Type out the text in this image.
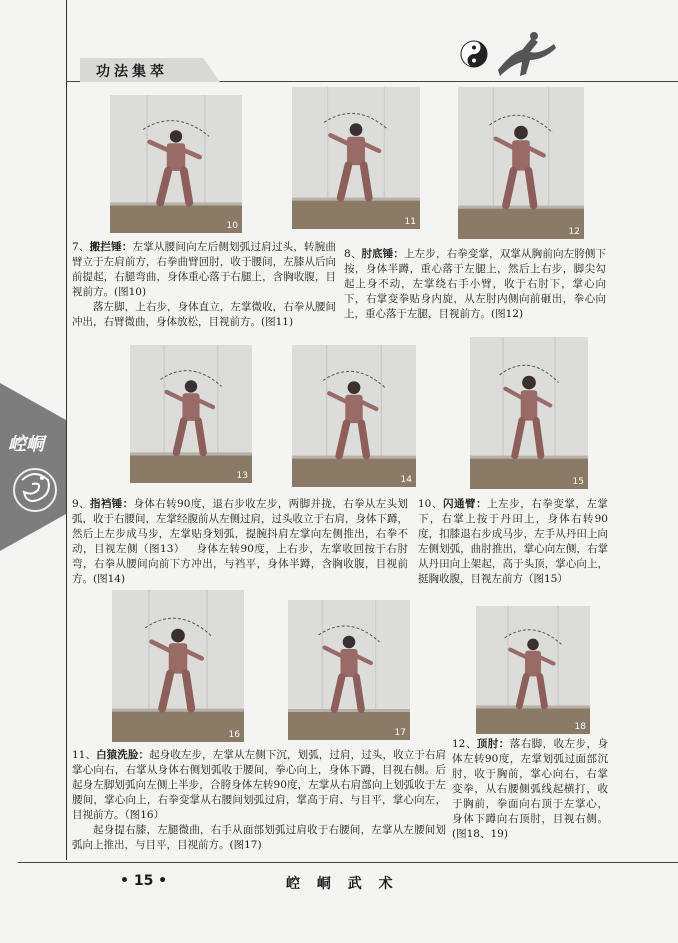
功法集萃
崆峒
10	11
12
13	14	15
16	17
18

7、搬拦锤：左掌从腰间向左后侧划弧过肩过头，转腕曲臂立于左肩前方，右拳曲臂回肘，收于腰间，左膝从后向前提起，右腿弯曲，身体重心落于右腿上，含胸收腹，目视前方。(图10)

落左脚，上右步，身体直立，左掌微收，右拳从腰间冲出，右臂微曲，身体放松，目视前方。(图11)

8、肘底锤：上左步，右拳变掌，双掌从胸前向左胯侧下按，身体半蹲，重心落于左腿上，然后上右步，脚尖勾起上身不动，左掌绕右手小臂，收于右肘下，掌心向下，右掌变拳贴身内旋，从左肘内侧向前砸出，拳心向上，重心落于左腿，目视前方。(图12)

9、指裆锤：身体右转90度，退右步收左步，两脚并拢，右拳从左头划弧，收于右腰间，左掌经腹前从左侧过肩，过头收立于右肩，身体下蹲，然后上左步成马步，左掌贴身划弧，提腕抖肩左掌向左侧推出，右拳不动，目视左侧（图13） 身体左转90度，上右步，左掌收回按于右肘弯，右拳从腰间向前下方冲出，与裆平，身体半蹲，含胸收腹，目视前方。(图14)

10、闪通臂：上左步，右拳变掌，左掌下，右掌上按于丹田上，身体右转90度，扣膝退右步成马步，左手从丹田上向左侧划弧，曲肘推出，掌心向左侧，右掌从丹田向上架起，高于头顶，掌心向上，挺胸收腹，目视左前方（图15）

11、白猿洗脸：起身收左步，左掌从左侧下沉，划弧，过肩，过头，收立于右肩掌心向右，右掌从身体右侧划弧收于腰间，拳心向上，身体下蹲，目视右侧。后起身左脚划弧向左侧上半步，合胯身体左转90度，左掌从右肩部向上划弧收于左腰间，掌心向上，右拳变掌从右腰间划弧过肩，掌高于肩、与目平，掌心向左，目视前方。（图16）

起身提右膝，左腿微曲，右手从面部划弧过肩收于右腰间，左掌从左腰间划弧向上推出，与目平，目视前方。(图17)

12、顶肘：落右脚，收左步，身体左转90度，左掌划弧过面部沉肘，收于胸前，掌心向右，右掌变拳，从右腰侧弧线起横打，收于胸前，拳面向右顶于左掌心，身体下蹲向右顶肘，目视右侧。(图18、19)

• 15 •	崆 峒 武 术
